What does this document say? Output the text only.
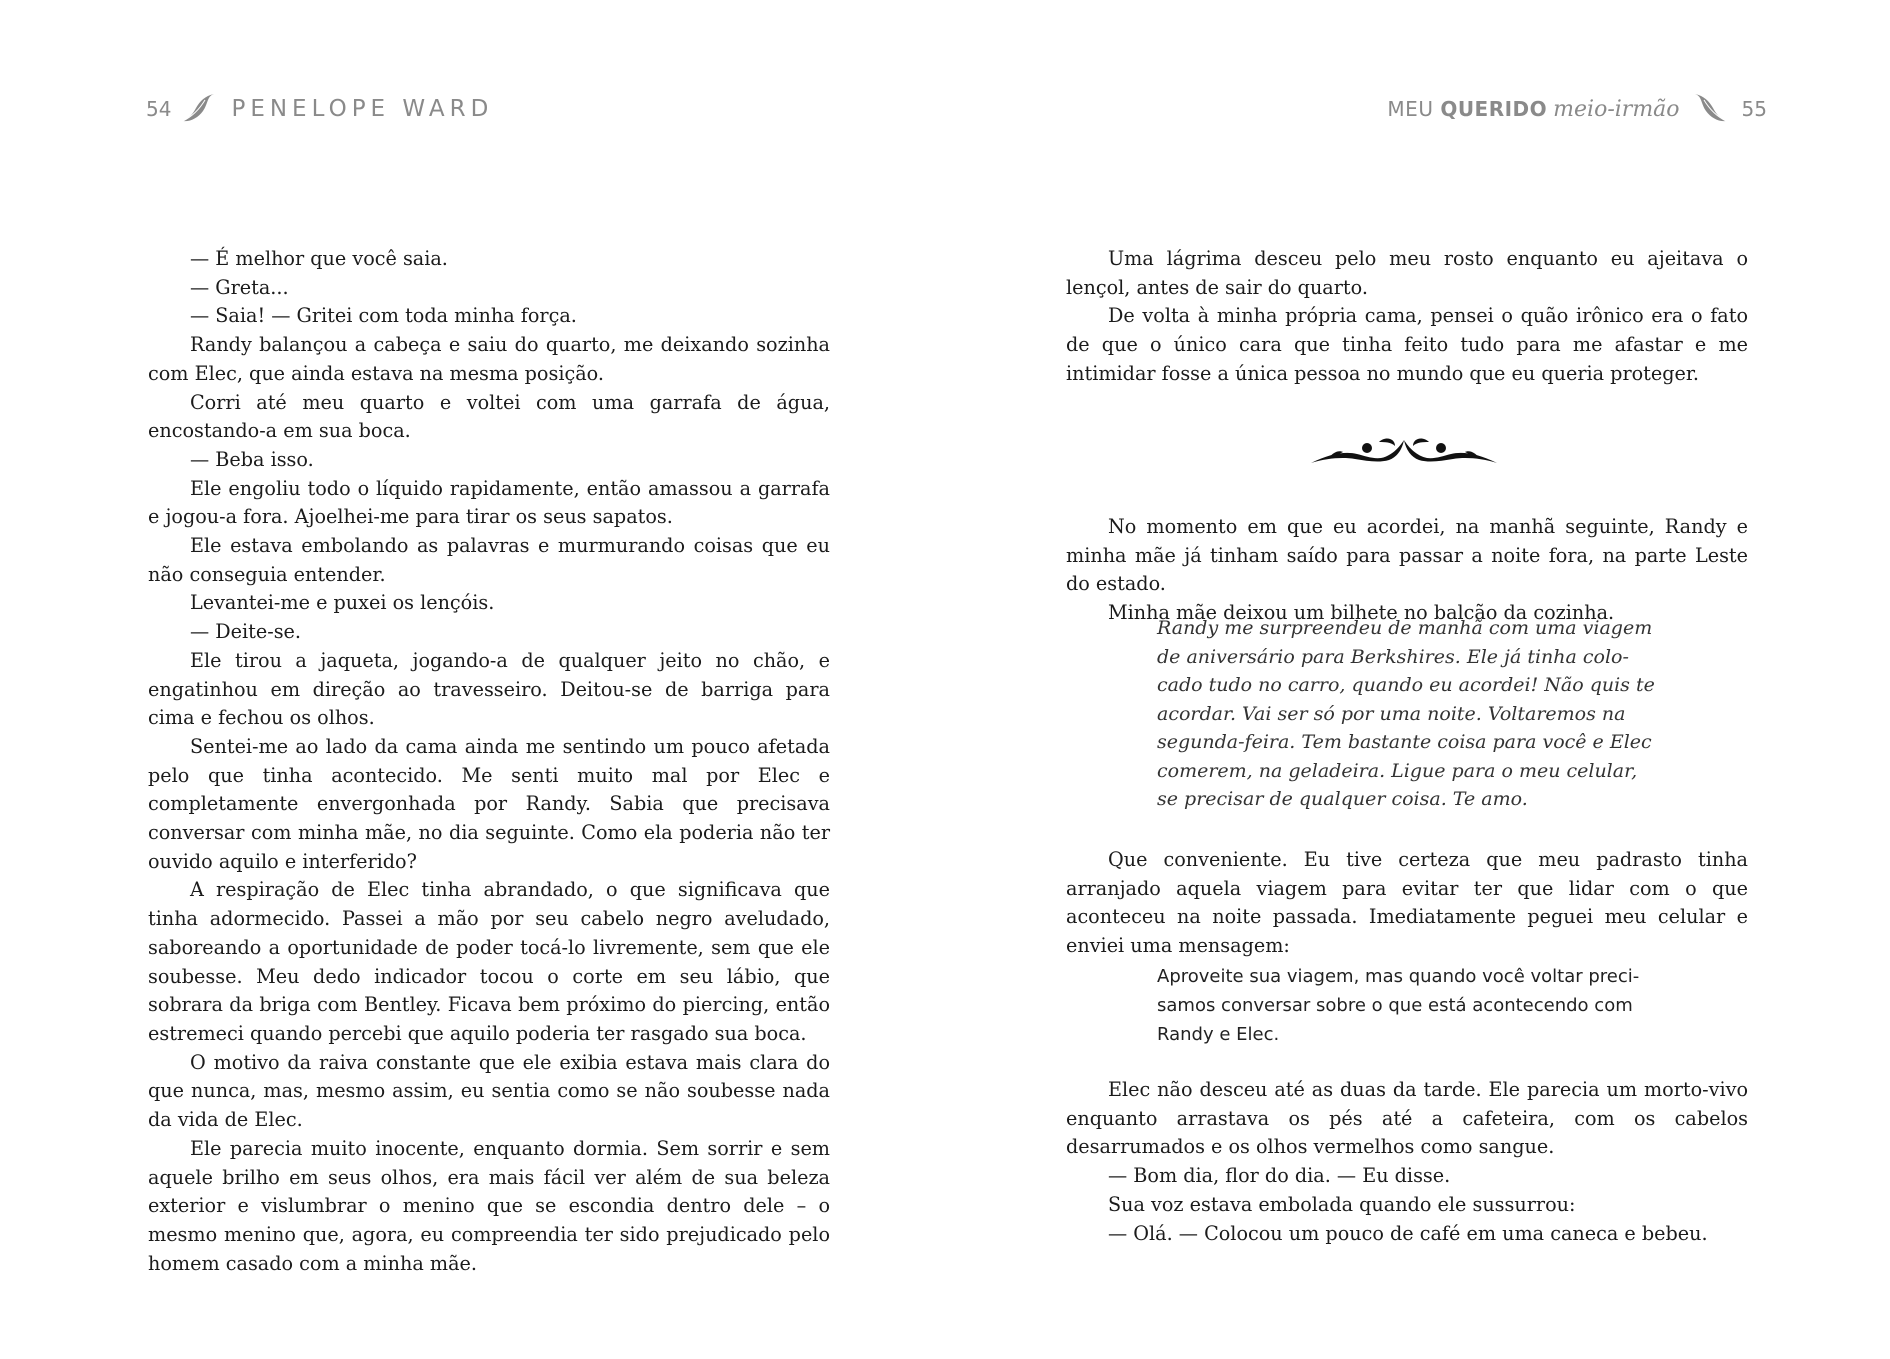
54	PENELOPE WARD

— É melhor que você saia.

— Greta...

— Saia! — Gritei com toda minha força.

Randy balançou a cabeça e saiu do quarto, me deixando sozinha com Elec, que ainda estava na mesma posição.

Corri até meu quarto e voltei com uma garrafa de água, encostando-a em sua boca.

— Beba isso.

Ele engoliu todo o líquido rapidamente, então amassou a garrafa e jogou-a fora. Ajoelhei-me para tirar os seus sapatos.

Ele estava embolando as palavras e murmurando coisas que eu não conseguia entender.

Levantei-me e puxei os lençóis.

— Deite-se.

Ele tirou a jaqueta, jogando-a de qualquer jeito no chão, e engatinhou em direção ao travesseiro. Deitou-se de barriga para cima e fechou os olhos.

Sentei-me ao lado da cama ainda me sentindo um pouco afetada pelo que tinha acontecido. Me senti muito mal por Elec e completamente envergonhada por Randy. Sabia que precisava conversar com minha mãe, no dia seguinte. Como ela poderia não ter ouvido aquilo e interferido?

A respiração de Elec tinha abrandado, o que significava que tinha adormecido. Passei a mão por seu cabelo negro aveludado, saboreando a oportunidade de poder tocá-lo livremente, sem que ele soubesse. Meu dedo indicador tocou o corte em seu lábio, que sobrara da briga com Bentley. Ficava bem próximo do piercing, então estremeci quando percebi que aquilo poderia ter rasgado sua boca.

O motivo da raiva constante que ele exibia estava mais clara do que nunca, mas, mesmo assim, eu sentia como se não soubesse nada da vida de Elec.

Ele parecia muito inocente, enquanto dormia. Sem sorrir e sem aquele brilho em seus olhos, era mais fácil ver além de sua beleza exterior e vislumbrar o menino que se escondia dentro dele – o mesmo menino que, agora, eu compreendia ter sido prejudicado pelo homem casado com a minha mãe.

MEU QUERIDO meio-irmão	55

Uma lágrima desceu pelo meu rosto enquanto eu ajeitava o lençol, antes de sair do quarto.

De volta à minha própria cama, pensei o quão irônico era o fato de que o único cara que tinha feito tudo para me afastar e me intimidar fosse a única pessoa no mundo que eu queria proteger.

No momento em que eu acordei, na manhã seguinte, Randy e minha mãe já tinham saído para passar a noite fora, na parte Leste do estado.

Minha mãe deixou um bilhete no balcão da cozinha.

Randy me surpreendeu de manhã com uma viagem
de aniversário para Berkshires. Ele já tinha colo-
cado tudo no carro, quando eu acordei! Não quis te
acordar. Vai ser só por uma noite. Voltaremos na
segunda-feira. Tem bastante coisa para você e Elec
comerem, na geladeira. Ligue para o meu celular,
se precisar de qualquer coisa. Te amo.

Que conveniente. Eu tive certeza que meu padrasto tinha arranjado aquela viagem para evitar ter que lidar com o que aconteceu na noite passada. Imediatamente peguei meu celular e enviei uma mensagem:

Aproveite sua viagem, mas quando você voltar preci-
samos conversar sobre o que está acontecendo com
Randy e Elec.

Elec não desceu até as duas da tarde. Ele parecia um morto-vivo enquanto arrastava os pés até a cafeteira, com os cabelos desarrumados e os olhos vermelhos como sangue.

— Bom dia, flor do dia. — Eu disse.

Sua voz estava embolada quando ele sussurrou:

— Olá. — Colocou um pouco de café em uma caneca e bebeu.
